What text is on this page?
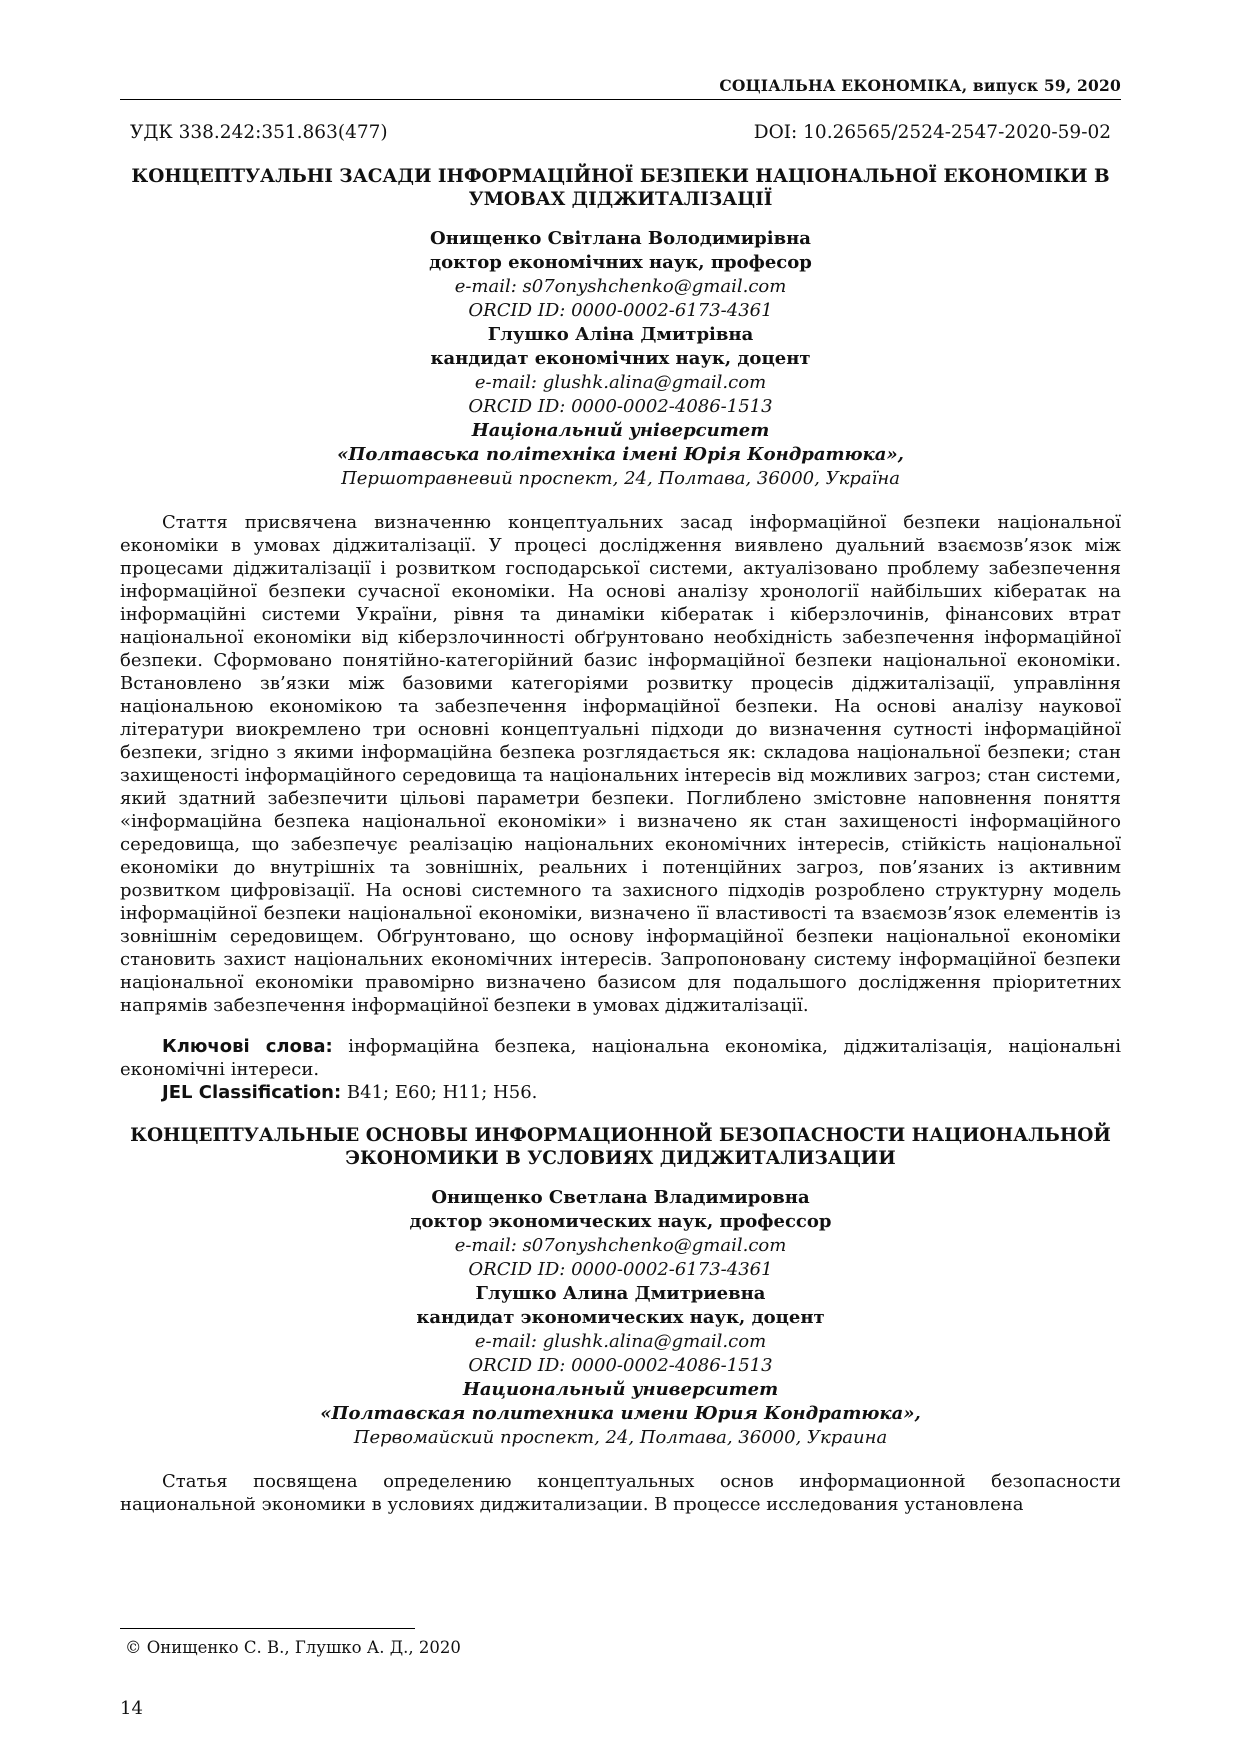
СОЦІАЛЬНА ЕКОНОМІКА, випуск 59, 2020
УДК 338.242:351.863(477)	DOI: 10.26565/2524-2547-2020-59-02
КОНЦЕПТУАЛЬНІ ЗАСАДИ ІНФОРМАЦІЙНОЇ БЕЗПЕКИ НАЦІОНАЛЬНОЇ ЕКОНОМІКИ В УМОВАХ ДІДЖИТАЛІЗАЦІЇ
Онищенко Світлана Володимирівна
доктор економічних наук, професор
e-mail: s07onyshchenko@gmail.com
ORCID ID: 0000-0002-6173-4361
Глушко Аліна Дмитрівна
кандидат економічних наук, доцент
e-mail: glushk.alina@gmail.com
ORCID ID: 0000-0002-4086-1513
Національний університет
«Полтавська політехніка імені Юрія Кондратюка»,
Першотравневий проспект, 24, Полтава, 36000, Україна

Стаття присвячена визначенню концептуальних засад інформаційної безпеки національної економіки в умовах діджиталізації. У процесі дослідження виявлено дуальний взаємозв’язок між процесами діджиталізації і розвитком господарської системи, актуалізовано проблему забезпечення інформаційної безпеки сучасної економіки. На основі аналізу хронології найбільших кібератак на інформаційні системи України, рівня та динаміки кібератак і кіберзлочинів, фінансових втрат національної економіки від кіберзлочинності обґрунтовано необхідність забезпечення інформаційної безпеки. Сформовано понятійно-категорійний базис інформаційної безпеки національної економіки. Встановлено зв’язки між базовими категоріями розвитку процесів діджиталізації, управління національною економікою та забезпечення інформаційної безпеки. На основі аналізу наукової літератури виокремлено три основні концептуальні підходи до визначення сутності інформаційної безпеки, згідно з якими інформаційна безпека розглядається як: складова національної безпеки; стан захищеності інформаційного середовища та національних інтересів від можливих загроз; стан системи, який здатний забезпечити цільові параметри безпеки. Поглиблено змістовне наповнення поняття «інформаційна безпека національної економіки» і визначено як стан захищеності інформаційного середовища, що забезпечує реалізацію національних економічних інтересів, стійкість національної економіки до внутрішніх та зовнішніх, реальних і потенційних загроз, пов’язаних із активним розвитком цифровізації. На основі системного та захисного підходів розроблено структурну модель інформаційної безпеки національної економіки, визначено її властивості та взаємозв’язок елементів із зовнішнім середовищем. Обґрунтовано, що основу інформаційної безпеки національної економіки становить захист національних економічних інтересів. Запропоновану систему інформаційної безпеки національної економіки правомірно визначено базисом для подальшого дослідження пріоритетних напрямів забезпечення інформаційної безпеки в умовах діджиталізації.

Ключові слова: інформаційна безпека, національна економіка, діджиталізація, національні економічні інтереси.
JEL Classification: B41; E60; H11; H56.
КОНЦЕПТУАЛЬНЫЕ ОСНОВЫ ИНФОРМАЦИОННОЙ БЕЗОПАСНОСТИ НАЦИОНАЛЬНОЙ ЭКОНОМИКИ В УСЛОВИЯХ ДИДЖИТАЛИЗАЦИИ
Онищенко Светлана Владимировна
доктор экономических наук, профессор
e-mail: s07onyshchenko@gmail.com
ORCID ID: 0000-0002-6173-4361
Глушко Алина Дмитриевна
кандидат экономических наук, доцент
e-mail: glushk.alina@gmail.com
ORCID ID: 0000-0002-4086-1513
Национальный университет
«Полтавская политехника имени Юрия Кондратюка»,
Первомайский проспект, 24, Полтава, 36000, Украина

Статья посвящена определению концептуальных основ информационной безопасности национальной экономики в условиях диджитализации. В процессе исследования установлена

© Онищенко С. В., Глушко А. Д., 2020
14
